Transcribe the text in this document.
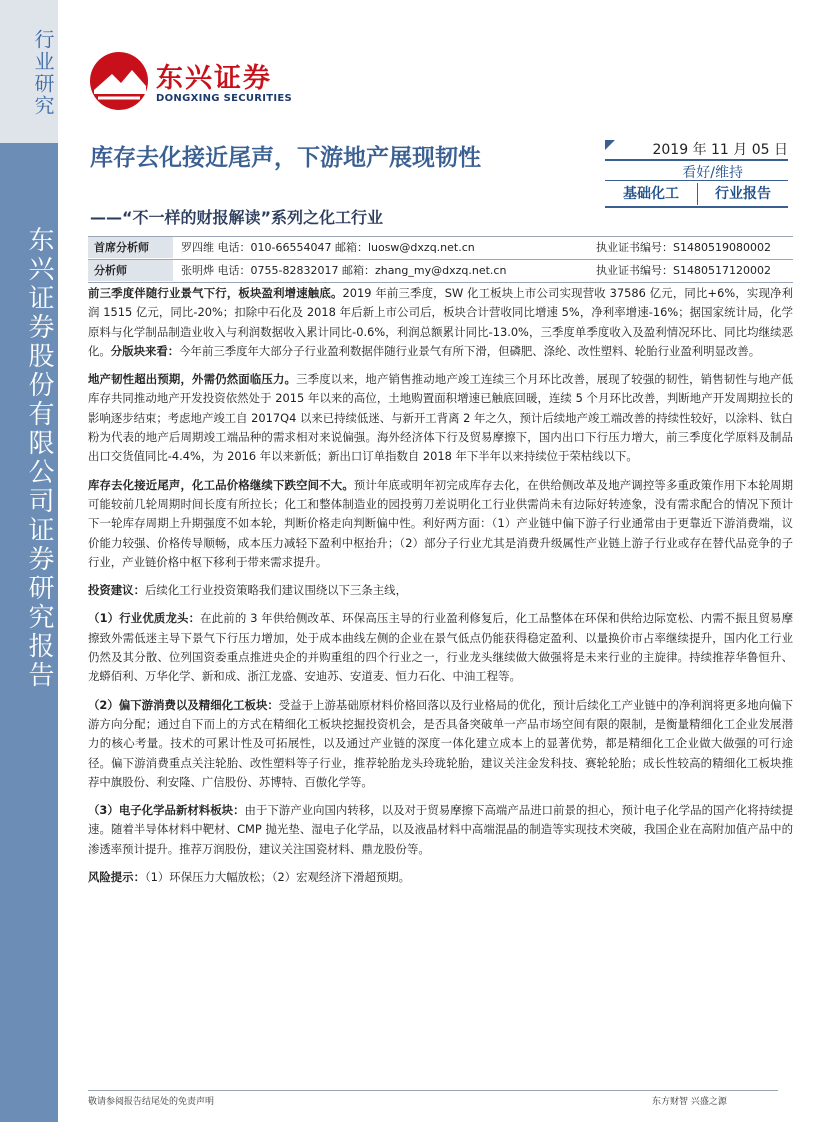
行业研究
东兴证券股份有限公司证券研究报告
东兴证券
DONGXING SECURITIES
库存去化接近尾声，下游地产展现韧性
——“不一样的财报解读”系列之化工行业
2019 年 11 月 05 日
看好/维持
基础化工	行业报告
首席分析师	罗四维 电话：010-66554047 邮箱：luosw@dxzq.net.cn	执业证书编号：S1480519080002
分析师	张明烨 电话：0755-82832017 邮箱：zhang_my@dxzq.net.cn	执业证书编号：S1480517120002

前三季度伴随行业景气下行，板块盈利增速触底。2019 年前三季度，SW 化工板块上市公司实现营收 37586 亿元，同比+6%，实现净利润 1515 亿元，同比-20%；扣除中石化及 2018 年后新上市公司后，板块合计营收同比增速 5%，净利率增速-16%；据国家统计局，化学原料与化学制品制造业收入与利润数据收入累计同比-0.6%，利润总额累计同比-13.0%，三季度单季度收入及盈利情况环比、同比均继续恶化。分版块来看：今年前三季度年大部分子行业盈利数据伴随行业景气有所下滑，但磷肥、涤纶、改性塑料、轮胎行业盈利明显改善。

地产韧性超出预期，外需仍然面临压力。三季度以来，地产销售推动地产竣工连续三个月环比改善，展现了较强的韧性，销售韧性与地产低库存共同推动地产开发投资依然处于 2015 年以来的高位，土地购置面积增速已触底回暖，连续 5 个月环比改善，判断地产开发周期拉长的影响逐步结束；考虑地产竣工自 2017Q4 以来已持续低迷、与新开工背离 2 年之久，预计后续地产竣工端改善的持续性较好，以涂料、钛白粉为代表的地产后周期竣工端品种的需求相对来说偏强。海外经济体下行及贸易摩擦下，国内出口下行压力增大，前三季度化学原料及制品出口交货值同比-4.4%，为 2016 年以来新低；新出口订单指数自 2018 年下半年以来持续位于荣枯线以下。

库存去化接近尾声，化工品价格继续下跌空间不大。预计年底或明年初完成库存去化，在供给侧改革及地产调控等多重政策作用下本轮周期可能较前几轮周期时间长度有所拉长；化工和整体制造业的园投剪刀差说明化工行业供需尚未有边际好转迹象，没有需求配合的情况下预计下一轮库存周期上升期强度不如本轮，判断价格走向判断偏中性。利好两方面：（1）产业链中偏下游子行业通常由于更靠近下游消费端，议价能力较强、价格传导顺畅，成本压力减轻下盈利中枢抬升；（2）部分子行业尤其是消费升级属性产业链上游子行业或存在替代品竞争的子行业，产业链价格中枢下移利于带来需求提升。

投资建议：后续化工行业投资策略我们建议围绕以下三条主线，

（1）行业优质龙头：在此前的 3 年供给侧改革、环保高压主导的行业盈利修复后，化工品整体在环保和供给边际宽松、内需不振且贸易摩擦致外需低迷主导下景气下行压力增加，处于成本曲线左侧的企业在景气低点仍能获得稳定盈利、以量换价市占率继续提升，国内化工行业仍然及其分散、位列国资委重点推进央企的并购重组的四个行业之一，行业龙头继续做大做强将是未来行业的主旋律。持续推荐华鲁恒升、龙蟒佰利、万华化学、新和成、浙江龙盛、安迪苏、安道麦、恒力石化、中油工程等。

（2）偏下游消费以及精细化工板块：受益于上游基础原材料价格回落以及行业格局的优化，预计后续化工产业链中的净利润将更多地向偏下游方向分配；通过自下而上的方式在精细化工板块挖掘投资机会，是否具备突破单一产品市场空间有限的限制，是衡量精细化工企业发展潜力的核心考量。技术的可累计性及可拓展性，以及通过产业链的深度一体化建立成本上的显著优势，都是精细化工企业做大做强的可行途径。偏下游消费重点关注轮胎、改性塑料等子行业，推荐轮胎龙头玲珑轮胎，建议关注金发科技、赛轮轮胎；成长性较高的精细化工板块推荐中旗股份、利安隆、广信股份、苏博特、百傲化学等。

（3）电子化学品新材料板块：由于下游产业向国内转移，以及对于贸易摩擦下高端产品进口前景的担心，预计电子化学品的国产化将持续提速。随着半导体材料中靶材、CMP 抛光垫、湿电子化学品，以及液晶材料中高端混晶的制造等实现技术突破，我国企业在高附加值产品中的渗透率预计提升。推荐万润股份，建议关注国瓷材料、鼎龙股份等。

风险提示：（1）环保压力大幅放松；（2）宏观经济下滑超预期。

敬请参阅报告结尾处的免责声明	东方财智 兴盛之源
